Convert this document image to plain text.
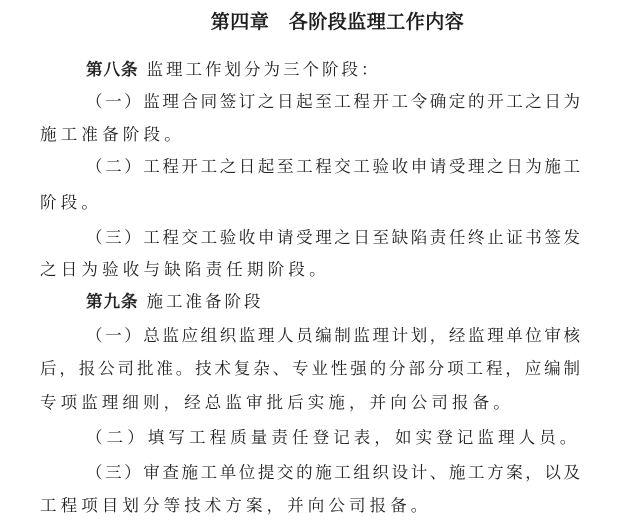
第四章　各阶段监理工作内容
第八条 监理工作划分为三个阶段：
（一）监理合同签订之日起至工程开工令确定的开工之日为
施工准备阶段。
（二）工程开工之日起至工程交工验收申请受理之日为施工
阶段。
（三）工程交工验收申请受理之日至缺陷责任终止证书签发
之日为验收与缺陷责任期阶段。
第九条 施工准备阶段
（一）总监应组织监理人员编制监理计划，经监理单位审核
后，报公司批准。技术复杂、专业性强的分部分项工程，应编制
专项监理细则，经总监审批后实施，并向公司报备。
（二）填写工程质量责任登记表，如实登记监理人员。
（三）审查施工单位提交的施工组织设计、施工方案，以及
工程项目划分等技术方案，并向公司报备。
